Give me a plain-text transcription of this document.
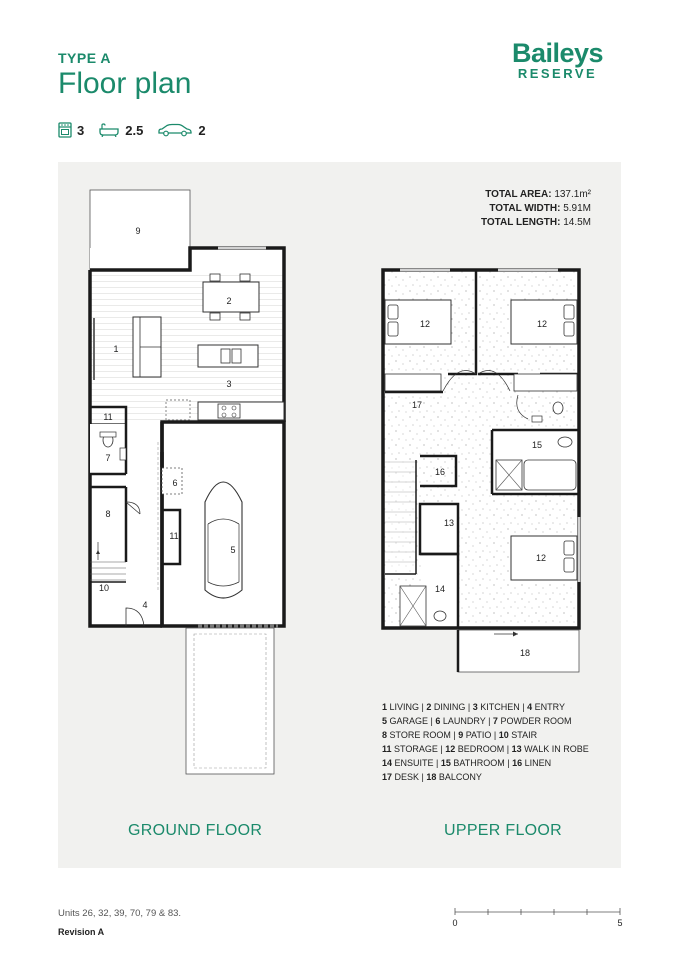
TYPE A
Floor plan
Baileys
RESERVE
3	2.5	2
9
2
1
3
11
7
6
8
11
5
10
4
12	12
17
15
16
13
12
14
18
TOTAL AREA: 137.1m²
TOTAL WIDTH: 5.91M
TOTAL LENGTH: 14.5M
1 LIVING | 2 DINING | 3 KITCHEN | 4 ENTRY
5 GARAGE | 6 LAUNDRY | 7 POWDER ROOM
8 STORE ROOM | 9 PATIO | 10 STAIR
11 STORAGE | 12 BEDROOM | 13 WALK IN ROBE
14 ENSUITE | 15 BATHROOM | 16 LINEN
17 DESK | 18 BALCONY
GROUND FLOOR	UPPER FLOOR
Units 26, 32, 39, 70, 79 & 83.
Revision A
0	5
